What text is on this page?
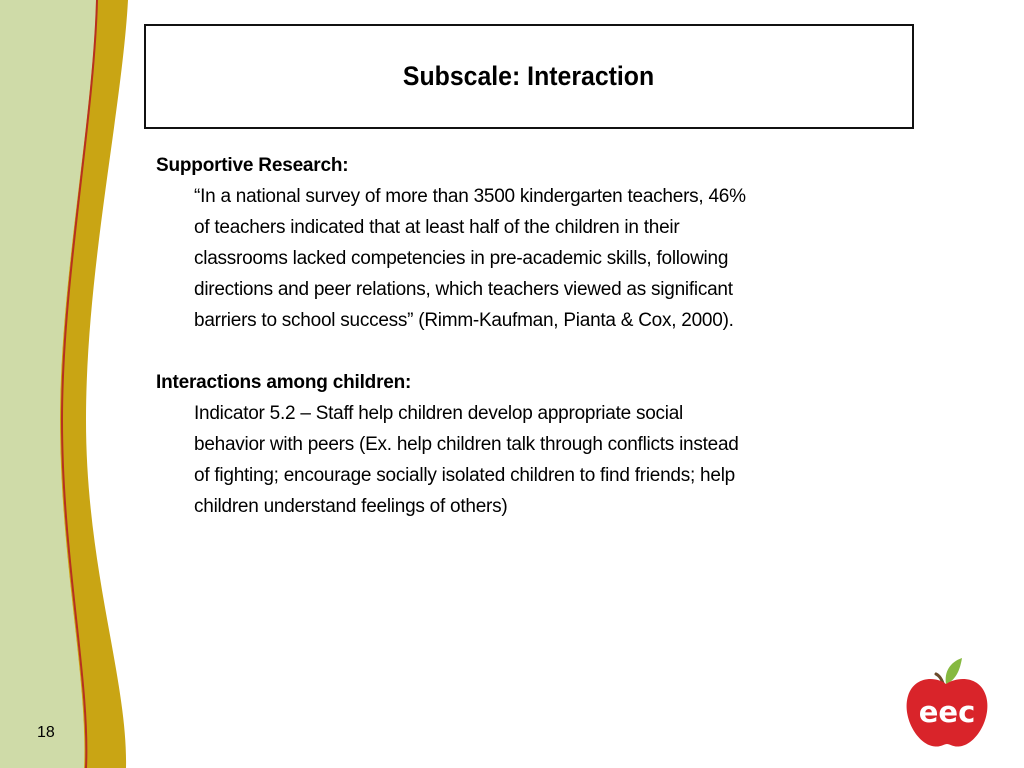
Subscale: Interaction

Supportive Research:

“In a national survey of more than 3500 kindergarten teachers, 46%
of teachers indicated that at least half of the children in their
classrooms lacked competencies in pre-academic skills, following
directions and peer relations, which teachers viewed as significant
barriers to school success” (Rimm-Kaufman, Pianta & Cox, 2000).

Interactions among children:

Indicator 5.2 – Staff help children develop appropriate social
behavior with peers (Ex. help children talk through conflicts instead
of fighting; encourage socially isolated children to find friends; help
children understand feelings of others)

18
eec
